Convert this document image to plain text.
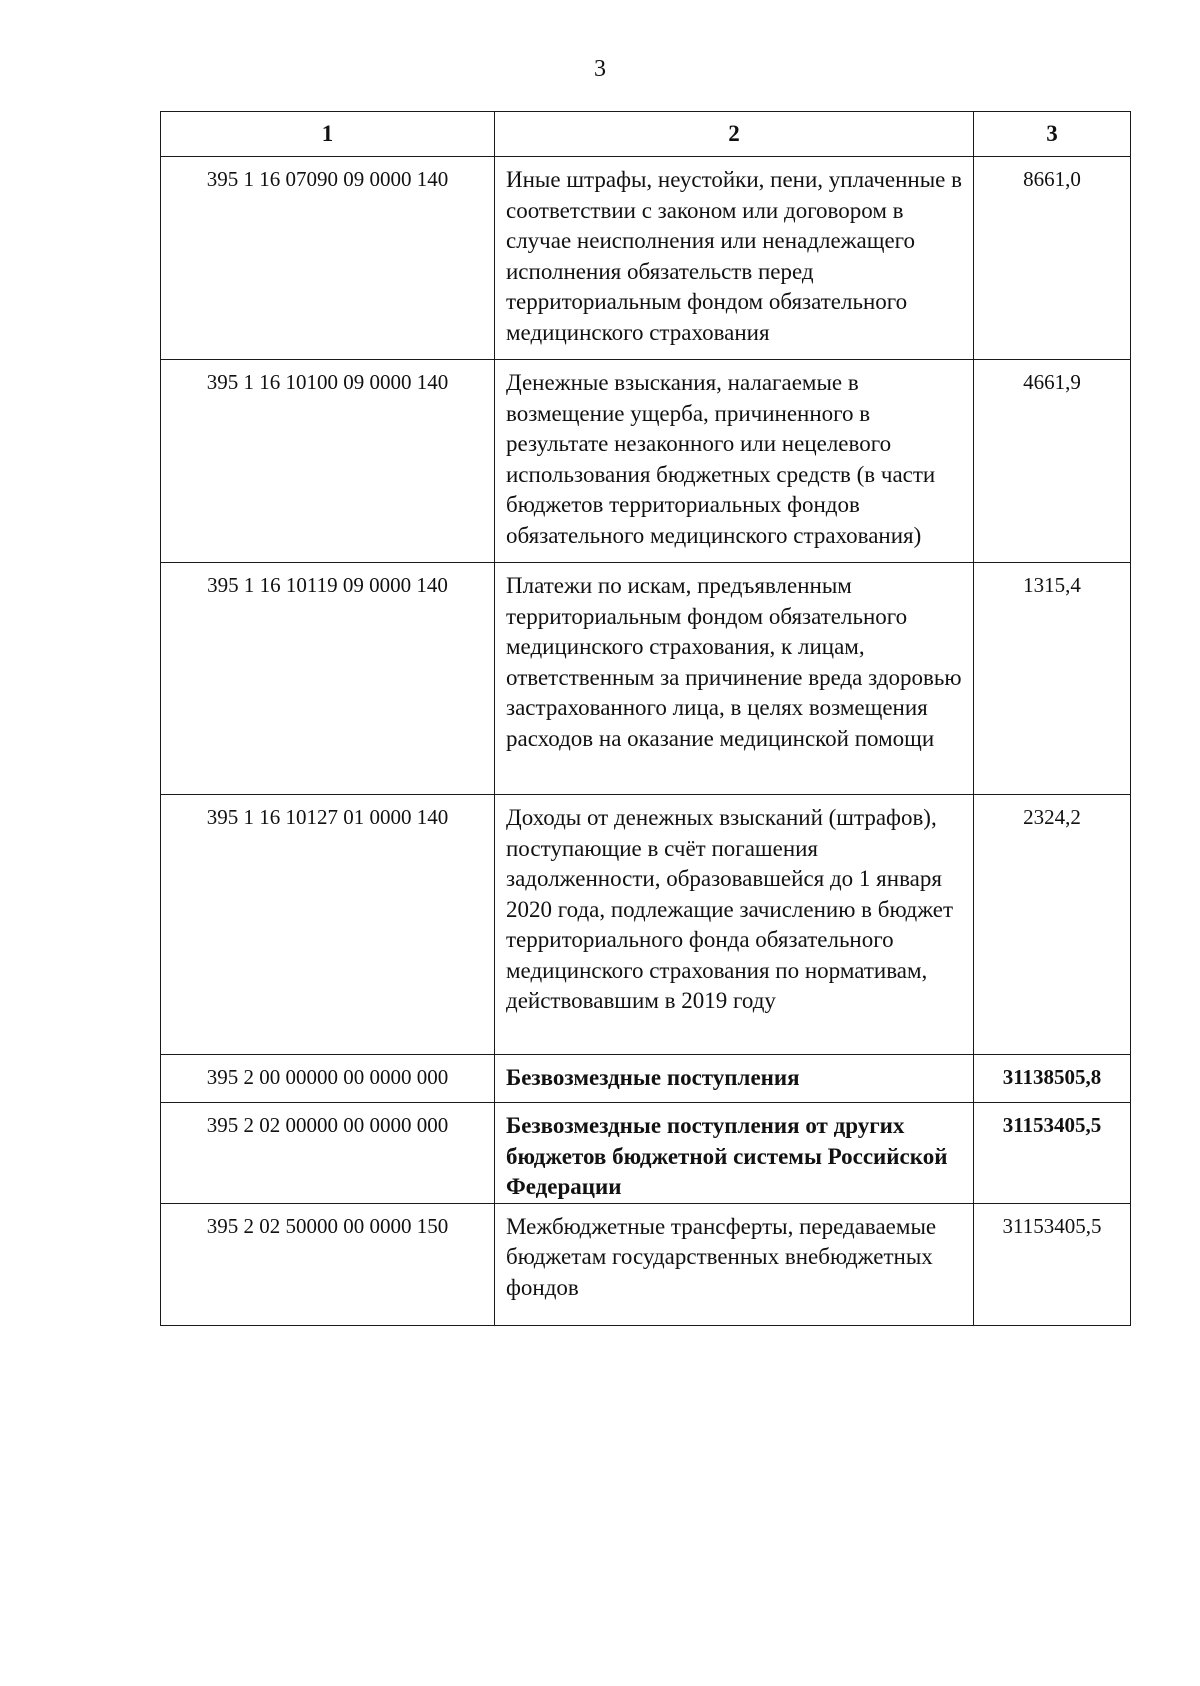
3
1	2	3
395 1 16 07090 09 0000 140	Иные штрафы, неустойки, пени, уплаченные в соответствии с законом или договором в случае неисполнения или ненадлежащего исполнения обязательств перед территориальным фондом обязательного медицинского страхования	8661,0
395 1 16 10100 09 0000 140	Денежные взыскания, налагаемые в возмещение ущерба, причиненного в результате незаконного или нецелевого использования бюджетных средств (в части бюджетов территориальных фондов обязательного медицинского страхования)	4661,9
395 1 16 10119 09 0000 140	Платежи по искам, предъявленным территориальным фондом обязательного медицинского страхования, к лицам, ответственным за причинение вреда здоровью застрахованного лица, в целях возмещения расходов на оказание медицинской помощи	1315,4
395 1 16 10127 01 0000 140	Доходы от денежных взысканий (штрафов), поступающие в счёт погашения задолженности, образовавшейся до 1 января 2020 года, подлежащие зачислению в бюджет территориального фонда обязательного медицинского страхования по нормативам, действовавшим в 2019 году	2324,2
395 2 00 00000 00 0000 000	Безвозмездные поступления	31138505,8
395 2 02 00000 00 0000 000	Безвозмездные поступления от других бюджетов бюджетной системы Российской Федерации	31153405,5
395 2 02 50000 00 0000 150	Межбюджетные трансферты, передаваемые бюджетам государственных внебюджетных фондов	31153405,5
